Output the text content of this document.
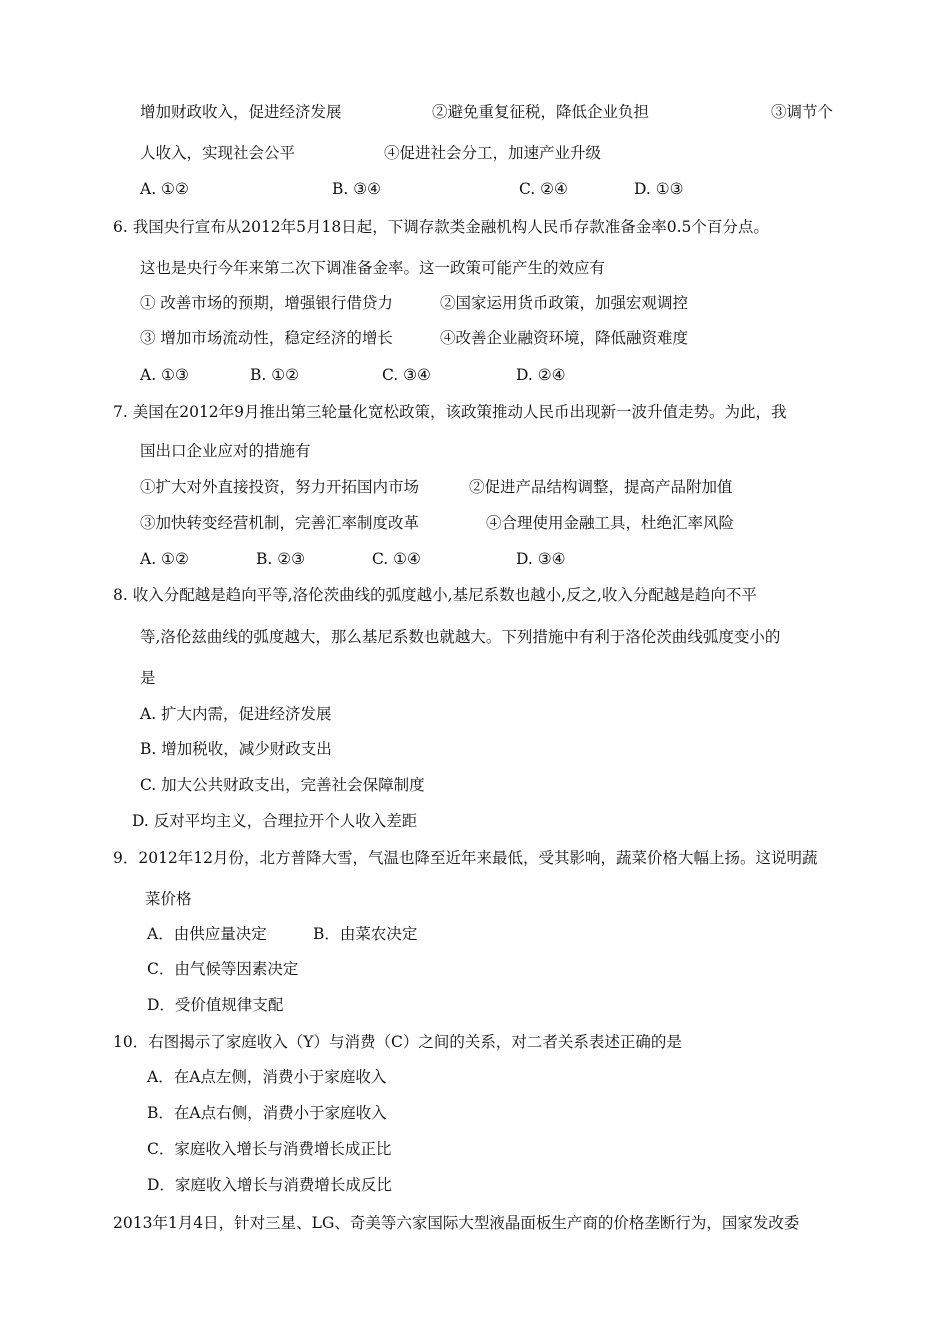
增加财政收入，促进经济发展	②避免重复征税，降低企业负担	③调节个
人收入，实现社会公平	④促进社会分工，加速产业升级
A. ①②	B. ③④	C. ②④	D. ①③
6. 我国央行宣布从2012年5月18日起，下调存款类金融机构人民币存款准备金率0.5个百分点。
这也是央行今年来第二次下调准备金率。这一政策可能产生的效应有
① 改善市场的预期，增强银行借贷力	②国家运用货币政策，加强宏观调控
③ 增加市场流动性，稳定经济的增长	④改善企业融资环境，降低融资难度
A. ①③	B. ①②	C. ③④	D. ②④
7. 美国在2012年9月推出第三轮量化宽松政策，该政策推动人民币出现新一波升值走势。为此，我
国出口企业应对的措施有
①扩大对外直接投资，努力开拓国内市场	②促进产品结构调整，提高产品附加值
③加快转变经营机制，完善汇率制度改革	④合理使用金融工具，杜绝汇率风险
A. ①②	B. ②③	C. ①④	D. ③④
8. 收入分配越是趋向平等,洛伦茨曲线的弧度越小,基尼系数也越小,反之,收入分配越是趋向不平
等,洛伦兹曲线的弧度越大，那么基尼系数也就越大。下列措施中有利于洛伦茨曲线弧度变小的
是
A. 扩大内需，促进经济发展
B. 增加税收，减少财政支出
C. 加大公共财政支出，完善社会保障制度
D. 反对平均主义，合理拉开个人收入差距
9．2012年12月份，北方普降大雪，气温也降至近年来最低，受其影响，蔬菜价格大幅上扬。这说明蔬
菜价格
A．由供应量决定	B．由菜农决定
C．由气候等因素决定
D．受价值规律支配
10．右图揭示了家庭收入（Y）与消费（C）之间的关系，对二者关系表述正确的是
A．在A点左侧，消费小于家庭收入
B．在A点右侧，消费小于家庭收入
C．家庭收入增长与消费增长成正比
D．家庭收入增长与消费增长成反比
2013年1月4日，针对三星、LG、奇美等六家国际大型液晶面板生产商的价格垄断行为，国家发改委
